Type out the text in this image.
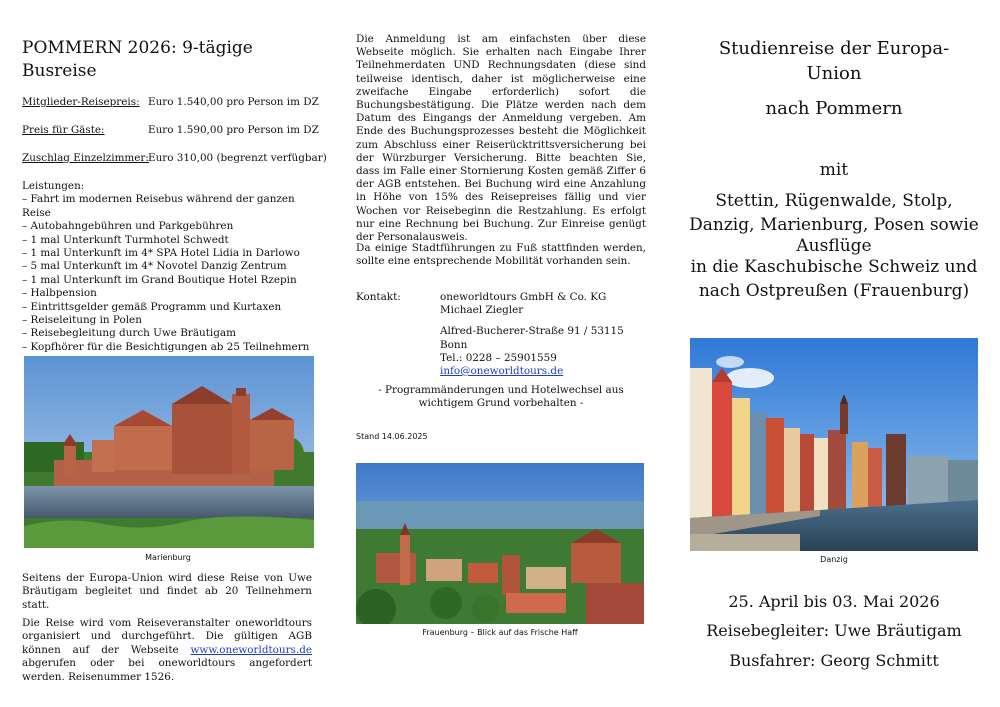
POMMERN 2026: 9-tägige
Busreise
Mitglieder-Reisepreis: Euro 1.540,00 pro Person im DZ
Preis für Gäste:	Euro 1.590,00 pro Person im DZ
Zuschlag Einzelzimmer: Euro 310,00 (begrenzt verfügbar)
Leistungen:
– Fahrt im modernen Reisebus während der ganzen Reise
– Autobahngebühren und Parkgebühren
– 1 mal Unterkunft Turmhotel Schwedt
– 1 mal Unterkunft im 4* SPA Hotel Lidia in Darlowo
– 5 mal Unterkunft im 4* Novotel Danzig Zentrum
– 1 mal Unterkunft im Grand Boutique Hotel Rzepin
– Halbpension
– Eintrittsgelder gemäß Programm und Kurtaxen
– Reiseleitung in Polen
– Reisebegleitung durch Uwe Bräutigam
– Kopfhörer für die Besichtigungen ab 25 Teilnehmern
Marienburg

Seitens der Europa-Union wird diese Reise von Uwe Bräutigam begleitet und findet ab 20 Teilnehmern statt.

Die Reise wird vom Reiseveranstalter oneworldtours organisiert und durchgeführt. Die gültigen AGB können auf der Webseite www.oneworldtours.de abgerufen oder bei oneworldtours angefordert werden. Reisenummer 1526.

Die Anmeldung ist am einfachsten über diese Webseite möglich. Sie erhalten nach Eingabe Ihrer Teilnehmerdaten UND Rechnungsdaten (diese sind teilweise identisch, daher ist möglicherweise eine zweifache Eingabe erforderlich) sofort die Buchungsbestätigung. Die Plätze werden nach dem Datum des Eingangs der Anmeldung vergeben. Am Ende des Buchungsprozesses besteht die Möglichkeit zum Abschluss einer Reiserücktrittsversicherung bei der Würzburger Versicherung. Bitte beachten Sie, dass im Falle einer Stornierung Kosten gemäß Ziffer 6 der AGB entstehen. Bei Buchung wird eine Anzahlung in Höhe von 15% des Reisepreises fällig und vier Wochen vor Reisebeginn die Restzahlung. Es erfolgt nur eine Rechnung bei Buchung. Zur Einreise genügt der Personalausweis.

Da einige Stadtführungen zu Fuß stattfinden werden, sollte eine entsprechende Mobilität vorhanden sein.

Kontakt:	oneworldtours GmbH & Co. KG
Michael Ziegler
Alfred-Bucherer-Straße 91 / 53115 Bonn
Tel.: 0228 – 25901559
info@oneworldtours.de

- Programmänderungen und Hotelwechsel aus wichtigem Grund vorbehalten -

Stand 14.06.2025
Frauenburg – Blick auf das Frische Haff
Studienreise der Europa-
Union
nach Pommern
mit
Stettin, Rügenwalde, Stolp,
Danzig, Marienburg, Posen sowie
Ausflüge
in die Kaschubische Schweiz und
nach Ostpreußen (Frauenburg)
Danzig
25. April bis 03. Mai 2026
Reisebegleiter: Uwe Bräutigam
Busfahrer: Georg Schmitt
